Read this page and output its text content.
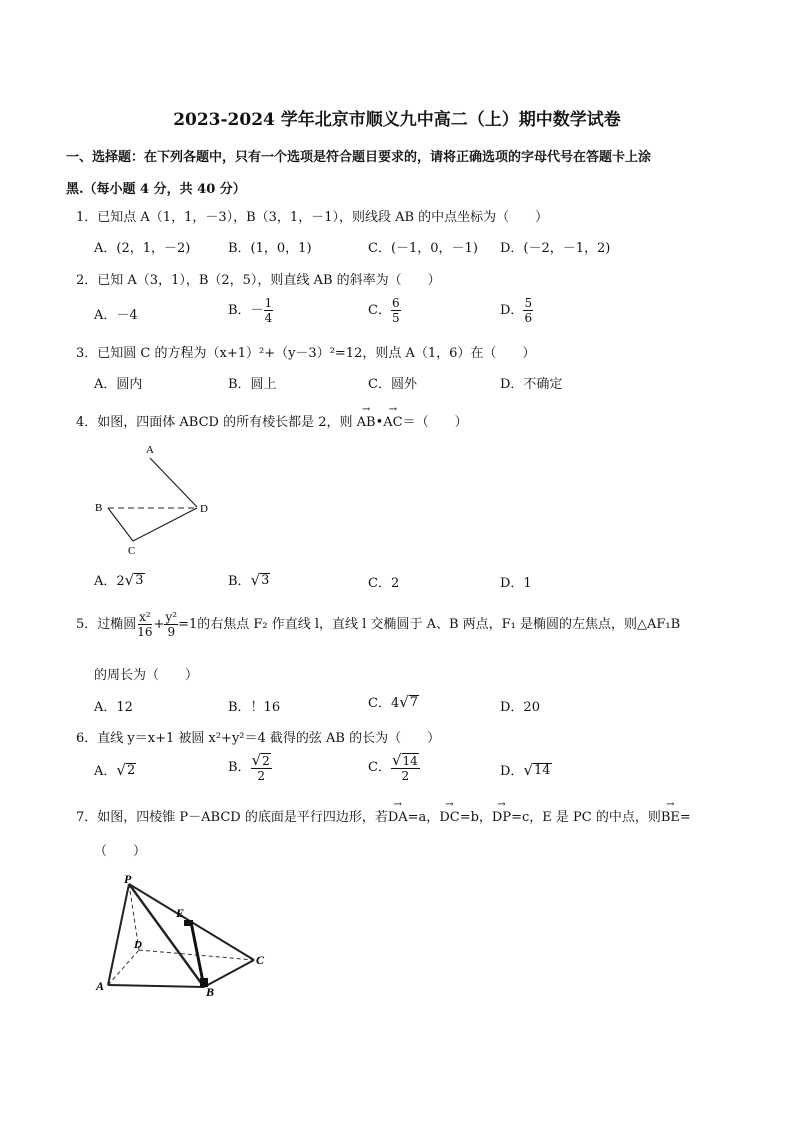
2023-2024 学年北京市顺义九中高二（上）期中数学试卷
一、选择题：在下列各题中，只有一个选项是符合题目要求的，请将正确选项的字母代号在答题卡上涂
黑.（每小题 4 分，共 40 分）
1．已知点 A（1，1，－3），B（3，1，－1），则线段 AB 的中点坐标为（　　）
A．(2，1，－2)	B．(1，0，1)	C．(－1，0，－1) D．(－2，－1，2)
2．已知 A（3，1），B（2，5），则直线 AB 的斜率为（　　）
A．－4	B．－ $\frac{1}{4}$	C． $\frac{6}{5}$	D． $\frac{5}{6}$
3．已知圆 C 的方程为（x+1）²+（y－3）²=12，则点 A（1，6）在（　　）
A．圆内	B．圆上	C．圆外	D．不确定
4．如图，四面体 ABCD 的所有棱长都是 2，则 → AB•→ AC＝（　　）
A
B
C
D
A．2 √ 3	B． √ 3	C．2	D．1
5．过椭圆 $\frac{\text{x²}}{16} + \frac{\text{y²}}{9} =1$的右焦点 F₂ 作直线 l，直线 l 交椭圆于 A、B 两点，F₁ 是椭圆的左焦点，则△AF₁B
的周长为（　　）
A．12	B．！16	C．4 √ 7	D．20
6．直线 y＝x+1 被圆 x²+y²＝4 截得的弦 AB 的长为（　　）
A． √ 2	B． $\frac{√ 2}{2}$	C． $\frac{√ 14}{2}$	D． √ 14
7．如图，四棱锥 P－ABCD 的底面是平行四边形，若→ DA=a，→ DC=b，→ DP=c，E 是 PC 的中点，则→ BE=
（　　）
P
E
D
C
A	B
